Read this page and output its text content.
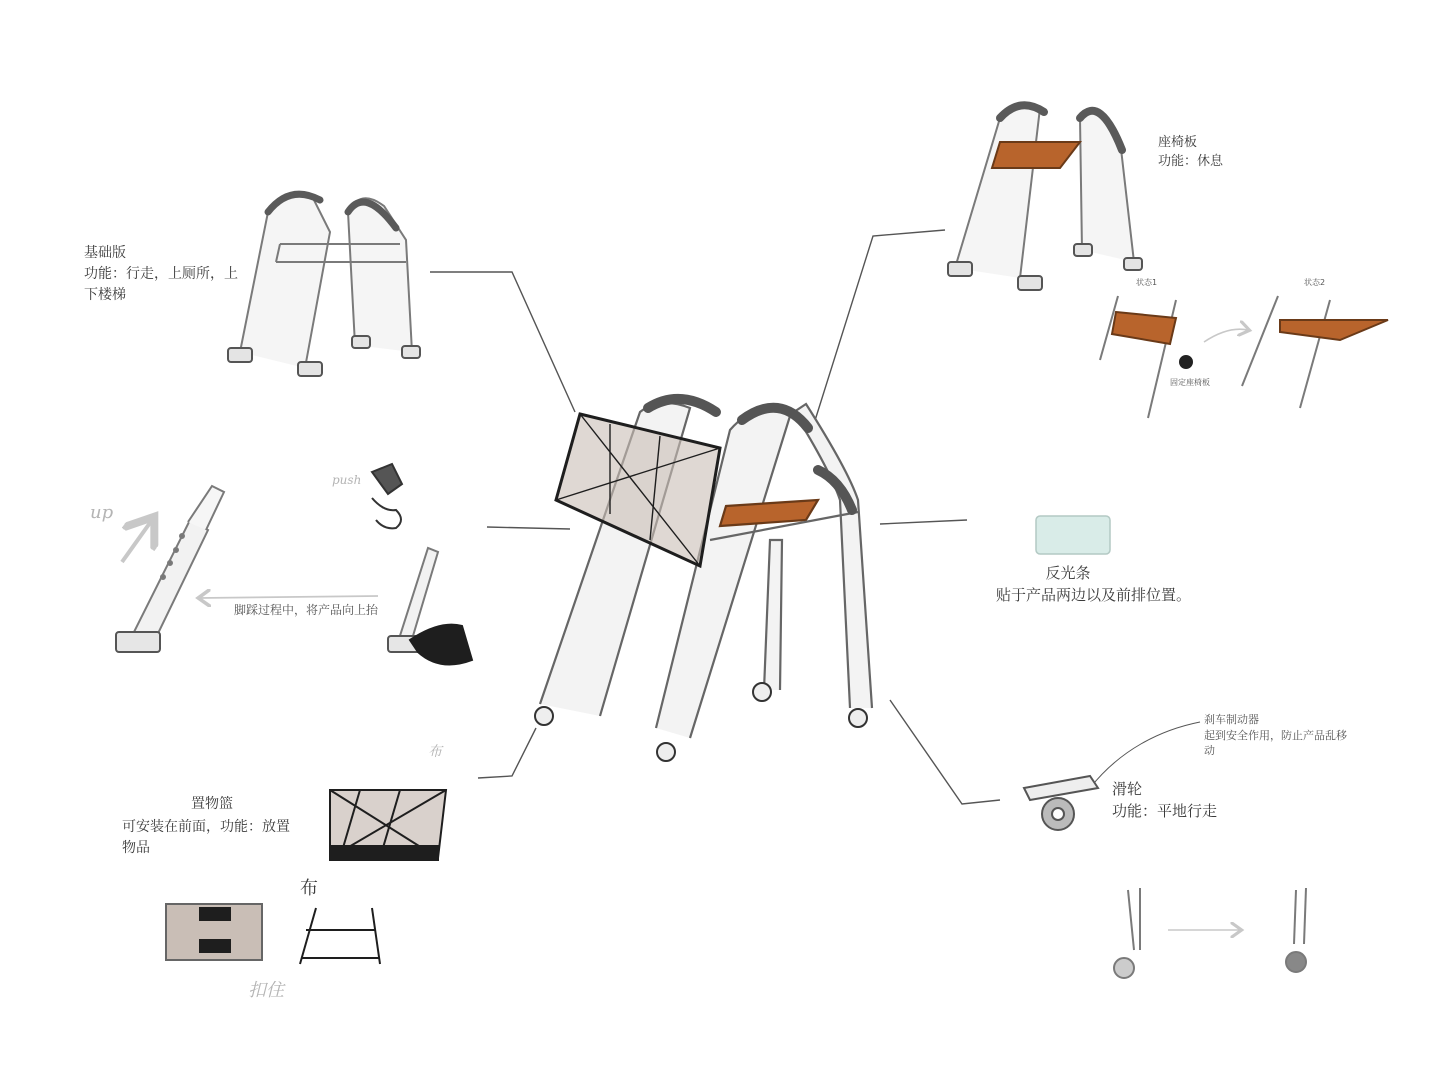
基础版
功能：行走，上厕所，上
下楼梯
座椅板
功能：休息
状态1	状态2
固定座椅板
反光条
贴于产品两边以及前排位置。
脚踩过程中，将产品向上抬
up
push
置物篮
可安装在前面，功能：放置
物品
布
布
扣住
滑轮
功能：平地行走
刹车制动器
起到安全作用，防止产品乱移
动
